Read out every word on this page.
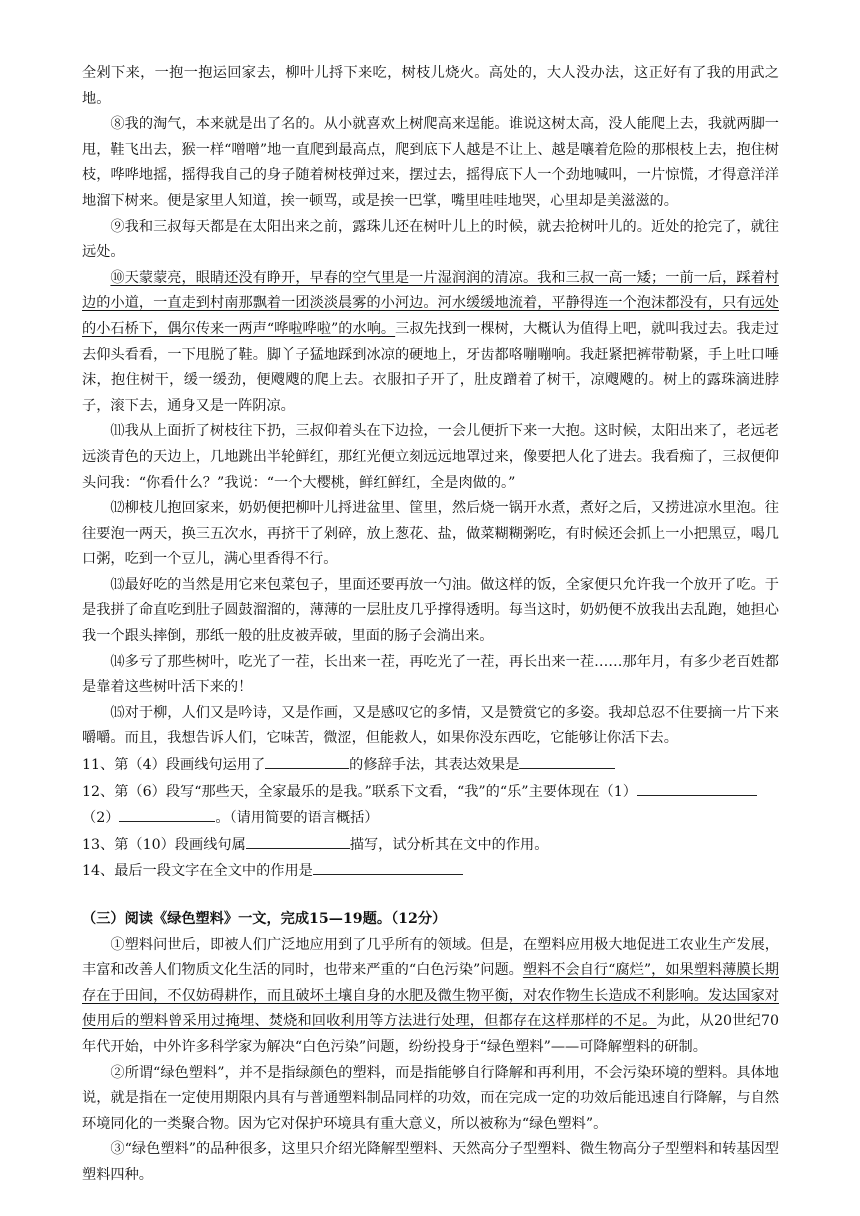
全剁下来，一抱一抱运回家去，柳叶儿捋下来吃，树枝儿烧火。高处的，大人没办法，这正好有了我的用武之地。

⑧我的淘气，本来就是出了名的。从小就喜欢上树爬高来逞能。谁说这树太高，没人能爬上去，我就两脚一甩，鞋飞出去，猴一样“噌噌”地一直爬到最高点，爬到底下人越是不让上、越是嚷着危险的那根枝上去，抱住树枝，哗哗地摇，摇得我自己的身子随着树枝弹过来，摆过去，摇得底下人一个劲地喊叫，一片惊慌，才得意洋洋地溜下树来。便是家里人知道，挨一顿骂，或是挨一巴掌，嘴里哇哇地哭，心里却是美滋滋的。

⑨我和三叔每天都是在太阳出来之前，露珠儿还在树叶儿上的时候，就去抢树叶儿的。近处的抢完了，就往远处。

⑩天蒙蒙亮，眼睛还没有睁开，早春的空气里是一片湿润润的清凉。我和三叔一高一矮；一前一后，踩着村边的小道，一直走到村南那飘着一团淡淡晨雾的小河边。河水缓缓地流着，平静得连一个泡沫都没有，只有远处的小石桥下，偶尔传来一两声“哗啦哗啦”的水响。三叔先找到一棵树，大概认为值得上吧，就叫我过去。我走过去仰头看看，一下甩脱了鞋。脚丫子猛地踩到冰凉的硬地上，牙齿都咯嘣嘣响。我赶紧把裤带勒紧，手上吐口唾沫，抱住树干，缓一缓劲，便飕飕的爬上去。衣服扣子开了，肚皮蹭着了树干，凉飕飕的。树上的露珠滴进脖子，滚下去，通身又是一阵阴凉。

⑾我从上面折了树枝往下扔，三叔仰着头在下边捡，一会儿便折下来一大抱。这时候，太阳出来了，老远老远淡青色的天边上，几地跳出半轮鲜红，那红光便立刻远远地罩过来，像要把人化了进去。我看痴了，三叔便仰头问我：“你看什么？”我说：“一个大樱桃，鲜红鲜红，全是肉做的。”

⑿柳枝儿抱回家来，奶奶便把柳叶儿捋进盆里、筐里，然后烧一锅开水煮，煮好之后，又捞进凉水里泡。往往要泡一两天，换三五次水，再挤干了剁碎，放上葱花、盐，做菜糊糊粥吃，有时候还会抓上一小把黑豆，喝几口粥，吃到一个豆儿，满心里香得不行。

⒀最好吃的当然是用它来包菜包子，里面还要再放一勺油。做这样的饭，全家便只允许我一个放开了吃。于是我拼了命直吃到肚子圆鼓溜溜的，薄薄的一层肚皮几乎撑得透明。每当这时，奶奶便不放我出去乱跑，她担心我一个跟头摔倒，那纸一般的肚皮被弄破，里面的肠子会淌出来。

⒁多亏了那些树叶，吃光了一茬，长出来一茬，再吃光了一茬，再长出来一茬……那年月，有多少老百姓都是靠着这些树叶活下来的！

⒂对于柳，人们又是吟诗，又是作画，又是感叹它的多情，又是赞赏它的多姿。我却总忍不住要摘一片下来嚼嚼。而且，我想告诉人们，它味苦，微涩，但能救人，如果你没东西吃，它能够让你活下去。

11、第（4）段画线句运用了	的修辞手法，其表达效果是

12、第（6）段写“那些天，全家最乐的是我。”联系下文看，“我”的“乐”主要体现在（1）
（2）	。（请用简要的语言概括）

13、第（10）段画线句属	描写，试分析其在文中的作用。

14、最后一段文字在全文中的作用是

（三）阅读《绿色塑料》一文，完成15—19题。（12分）

①塑料问世后，即被人们广泛地应用到了几乎所有的领域。但是，在塑料应用极大地促进工农业生产发展，丰富和改善人们物质文化生活的同时，也带来严重的“白色污染”问题。塑料不会自行“腐烂”，如果塑料薄膜长期存在于田间，不仅妨碍耕作，而且破坏土壤自身的水肥及微生物平衡，对农作物生长造成不利影响。发达国家对使用后的塑料曾采用过掩埋、焚烧和回收利用等方法进行处理，但都存在这样那样的不足。为此，从20世纪70年代开始，中外许多科学家为解决“白色污染”问题，纷纷投身于“绿色塑料”——可降解塑料的研制。

②所谓“绿色塑料”，并不是指绿颜色的塑料，而是指能够自行降解和再利用，不会污染环境的塑料。具体地说，就是指在一定使用期限内具有与普通塑料制品同样的功效，而在完成一定的功效后能迅速自行降解，与自然环境同化的一类聚合物。因为它对保护环境具有重大意义，所以被称为“绿色塑料”。

③“绿色塑料”的品种很多，这里只介绍光降解型塑料、天然高分子型塑料、微生物高分子型塑料和转基因型塑料四种。
